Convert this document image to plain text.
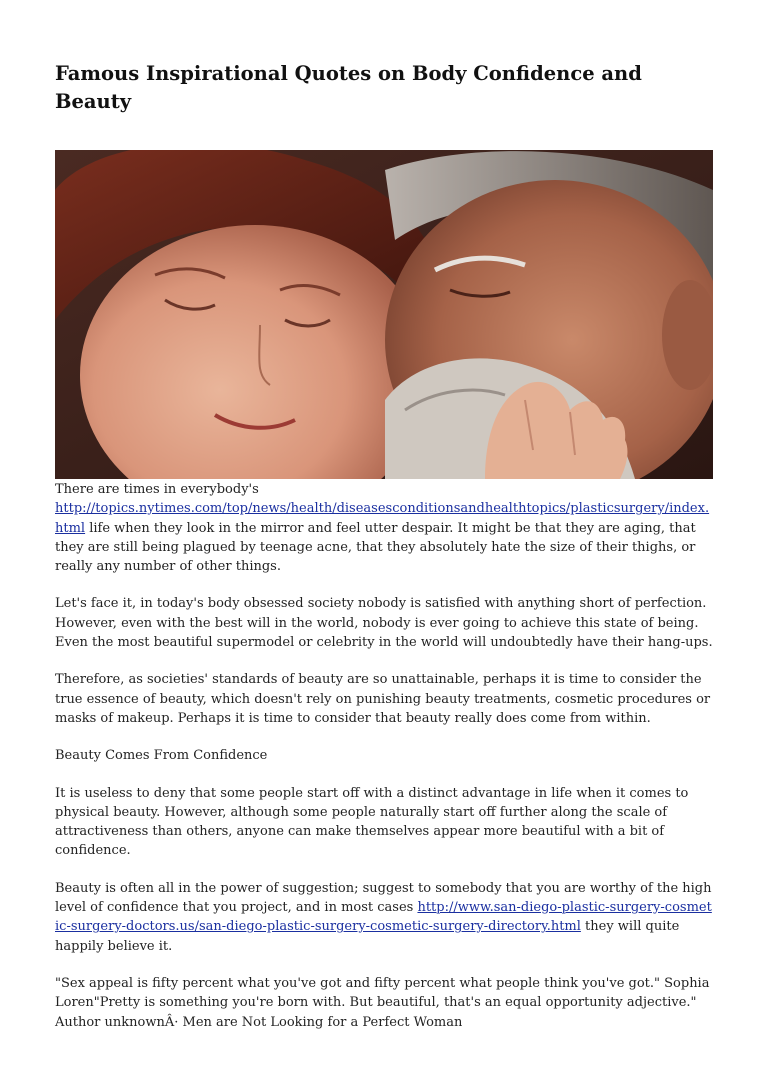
Famous Inspirational Quotes on Body Confidence and Beauty

There are times in everybody's
http://topics.nytimes.com/top/news/health/diseasesconditionsandhealthtopics/plasticsurgery/index.html life when they look in the mirror and feel utter despair. It might be that they are aging, that they are still being plagued by teenage acne, that they absolutely hate the size of their thighs, or really any number of other things.

Let's face it, in today's body obsessed society nobody is satisfied with anything short of perfection. However, even with the best will in the world, nobody is ever going to achieve this state of being. Even the most beautiful supermodel or celebrity in the world will undoubtedly have their hang-ups.

Therefore, as societies' standards of beauty are so unattainable, perhaps it is time to consider the true essence of beauty, which doesn't rely on punishing beauty treatments, cosmetic procedures or masks of makeup. Perhaps it is time to consider that beauty really does come from within.

Beauty Comes From Confidence

It is useless to deny that some people start off with a distinct advantage in life when it comes to physical beauty. However, although some people naturally start off further along the scale of attractiveness than others, anyone can make themselves appear more beautiful with a bit of confidence.

Beauty is often all in the power of suggestion; suggest to somebody that you are worthy of the high level of confidence that you project, and in most cases http://www.san-diego-plastic-surgery-cosmetic-surgery-doctors.us/san-diego-plastic-surgery-cosmetic-surgery-directory.html they will quite happily believe it.

"Sex appeal is fifty percent what you've got and fifty percent what people think you've got." Sophia Loren"Pretty is something you're born with. But beautiful, that's an equal opportunity adjective." Author unknownÂ· Men are Not Looking for a Perfect Woman
